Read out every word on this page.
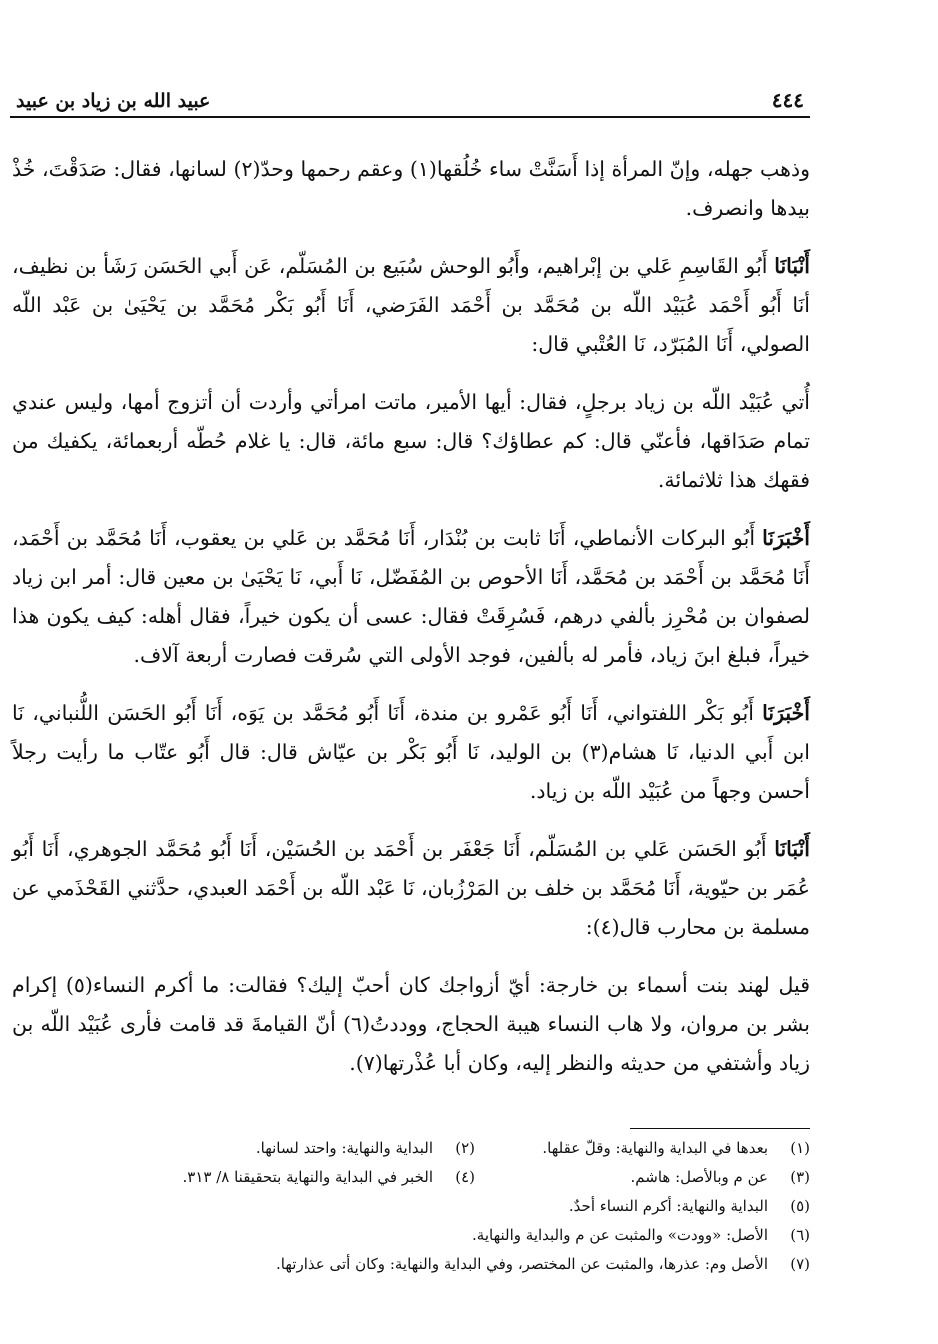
٤٤٤
عبيد الله بن زياد بن عبيد

وذهب جهله، وإنّ المرأة إذا أَسَنَّتْ ساء خُلُقها(١) وعقم رحمها وحدّ(٢) لسانها، فقال: صَدَقْتَ، خُذْ بيدها وانصرف.

أَنْبَانَا أَبُو القَاسِمِ عَلي بن إبْراهيم، وأَبُو الوحش سُبَيع بن المُسَلّم، عَن أَبي الحَسَن رَشَأ بن نظيف، أنَا أَبُو أَحْمَد عُبَيْد اللّه بن مُحَمَّد بن أَحْمَد الفَرَضي، أَنَا أَبُو بَكْر مُحَمَّد بن يَحْيَىٰ بن عَبْد اللّه الصولي، أَنَا المُبَرّد، نَا العُتْبي قال:

أُتي عُبَيْد اللّه بن زياد برجلٍ، فقال: أيها الأمير، ماتت امرأتي وأردت أن أتزوج أمها، وليس عندي تمام صَدَاقها، فأعنّي قال: كم عطاؤك؟ قال: سبع مائة، قال: يا غلام حُطّه أربعمائة، يكفيك من فقهك هذا ثلاثمائة.

أَخْبَرَنَا أَبُو البركات الأنماطي، أَنَا ثابت بن بُنْدَار، أَنَا مُحَمَّد بن عَلي بن يعقوب، أَنَا مُحَمَّد بن أَحْمَد، أَنَا مُحَمَّد بن أَحْمَد بن مُحَمَّد، أَنَا الأحوص بن المُفَضّل، نَا أَبي، نَا يَحْيَىٰ بن معين قال: أمر ابن زياد لصفوان بن مُحْرِز بألفي درهم، فَسُرِقَتْ فقال: عسى أن يكون خيراً، فقال أهله: كيف يكون هذا خيراً، فبلغ ابنَ زياد، فأمر له بألفين، فوجد الأولى التي سُرقت فصارت أربعة آلاف.

أَخْبَرَنَا أَبُو بَكْر اللفتواني، أَنَا أَبُو عَمْرو بن مندة، أَنَا أَبُو مُحَمَّد بن يَوَه، أَنَا أَبُو الحَسَن اللُّنباني، نَا ابن أَبي الدنيا، نَا هشام(٣) بن الوليد، نَا أَبُو بَكْر بن عيّاش قال: قال أَبُو عتّاب ما رأيت رجلاً أحسن وجهاً من عُبَيْد اللّه بن زياد.

أَنْبَانَا أَبُو الحَسَن عَلي بن المُسَلّم، أَنَا جَعْفَر بن أَحْمَد بن الحُسَيْن، أَنَا أَبُو مُحَمَّد الجوهري، أَنَا أَبُو عُمَر بن حيّوية، أَنَا مُحَمَّد بن خلف بن المَرْزُبان، نَا عَبْد اللّه بن أَحْمَد العبدي، حدَّثني القَحْذَمي عن مسلمة بن محارب قال(٤):

قيل لهند بنت أسماء بن خارجة: أيّ أزواجك كان أحبّ إليك؟ فقالت: ما أكرم النساء(٥) إكرام بشر بن مروان، ولا هاب النساء هيبة الحجاج، ووددتُ(٦) أنّ القيامةَ قد قامت فأرى عُبَيْد اللّه بن زياد وأشتفي من حديثه والنظر إليه، وكان أبا عُذْرتها(٧).

(١)
بعدها في البداية والنهاية: وقلّ عقلها.
(٢)
البداية والنهاية: واحتد لسانها.
(٣)
عن م وبالأصل: هاشم.
(٤)
الخبر في البداية والنهاية بتحقيقنا ٨/ ٣١٣.
(٥)
البداية والنهاية: أكرم النساء أحدٌ.
(٦)
الأصل: «وودت» والمثبت عن م والبداية والنهاية.
(٧)
الأصل وم: عذرها، والمثبت عن المختصر، وفي البداية والنهاية: وكان أتى عذارتها.
